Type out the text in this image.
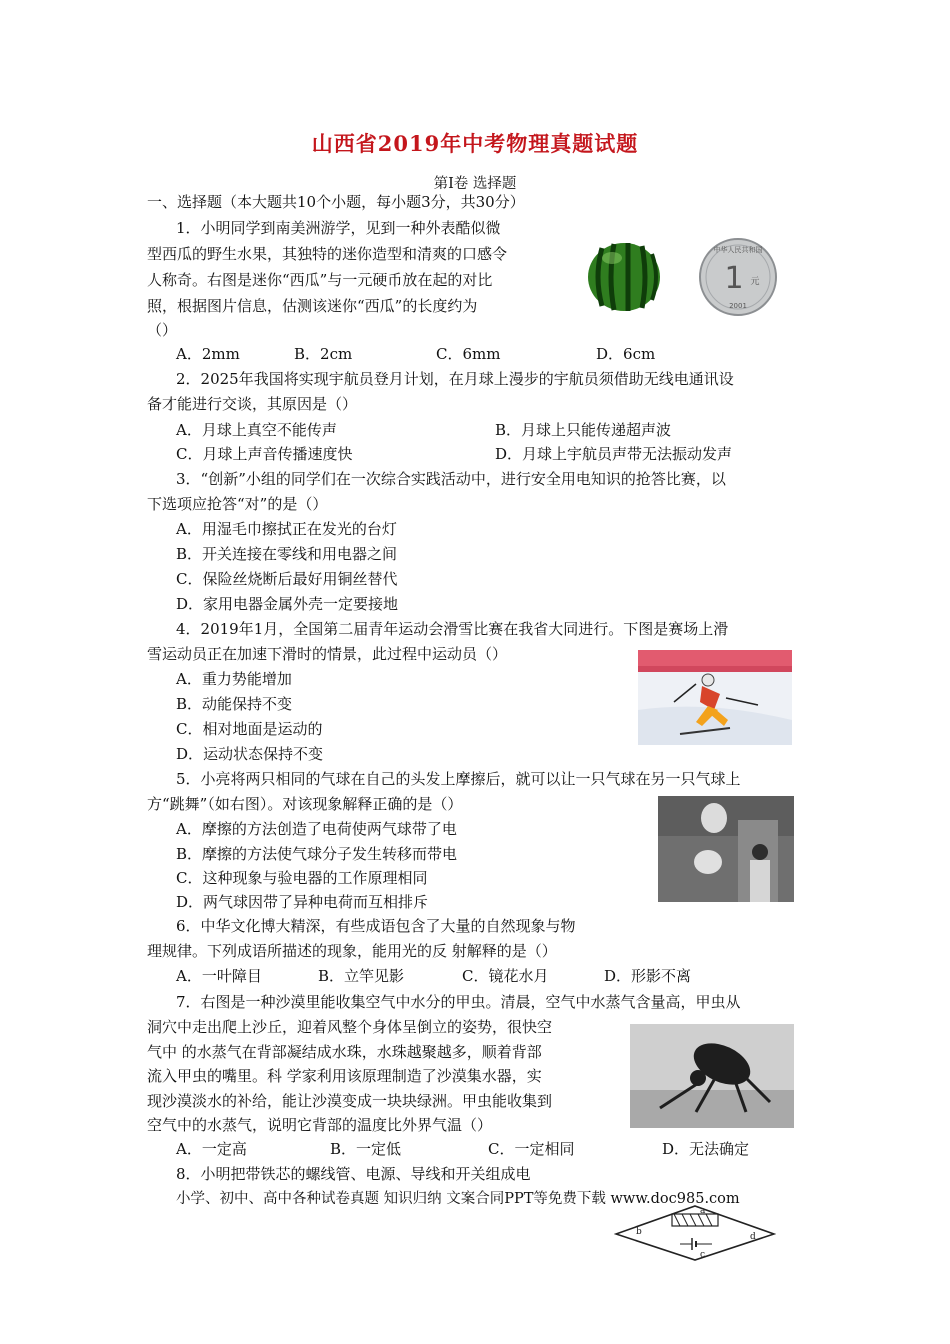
山西省2019年中考物理真题试题
第Ⅰ卷 选择题
一、选择题（本大题共10个小题，每小题3分，共30分）
1．小明同学到南美洲游学，见到一种外表酷似微
型西瓜的野生水果，其独特的迷你造型和清爽的口感令
人称奇。右图是迷你“西瓜”与一元硬币放在起的对比
照，根据图片信息，估测该迷你“西瓜”的长度约为
（）
A．2mm	B．2cm	C．6mm	D．6cm
中华人民共和国
1 元
2001
2．2025年我国将实现宇航员登月计划，在月球上漫步的宇航员须借助无线电通讯设
备才能进行交谈，其原因是（）
A．月球上真空不能传声	B．月球上只能传递超声波
C．月球上声音传播速度快	D．月球上宇航员声带无法振动发声
3．“创新”小组的同学们在一次综合实践活动中，进行安全用电知识的抢答比赛，以
下选项应抢答“对”的是（）
A．用湿毛巾擦拭正在发光的台灯
B．开关连接在零线和用电器之间
C．保险丝烧断后最好用铜丝替代
D．家用电器金属外壳一定要接地
4．2019年1月，全国第二届青年运动会滑雪比赛在我省大同进行。下图是赛场上滑
雪运动员正在加速下滑时的情景，此过程中运动员（）
A．重力势能增加
B．动能保持不变
C．相对地面是运动的
D．运动状态保持不变
5．小亮将两只相同的气球在自己的头发上摩擦后，就可以让一只气球在另一只气球上
方“跳舞”（如右图）。对该现象解释正确的是（）
A．摩擦的方法创造了电荷使两气球带了电
B．摩擦的方法使气球分子发生转移而带电
C．这种现象与验电器的工作原理相同
D．两气球因带了异种电荷而互相排斥
6．中华文化博大精深，有些成语包含了大量的自然现象与物
理规律。下列成语所描述的现象，能用光的反 射解释的是（）
A．一叶障目	B．立竿见影	C．镜花水月	D．形影不离
7．右图是一种沙漠里能收集空气中水分的甲虫。清晨，空气中水蒸气含量高，甲虫从
洞穴中走出爬上沙丘，迎着风整个身体呈倒立的姿势，很快空
气中 的水蒸气在背部凝结成水珠，水珠越聚越多，顺着背部
流入甲虫的嘴里。科 学家利用该原理制造了沙漠集水器，实
现沙漠淡水的补给，能让沙漠变成一块块绿洲。甲虫能收集到
空气中的水蒸气，说明它背部的温度比外界气温（）
A．一定高	B．一定低	C．一定相同	D．无法确定
8．小明把带铁芯的螺线管、电源、导线和开关组成电
小学、初中、高中各种试卷真题 知识归纳 文案合同PPT等免费下载 www.doc985.com
a
b
c
d
